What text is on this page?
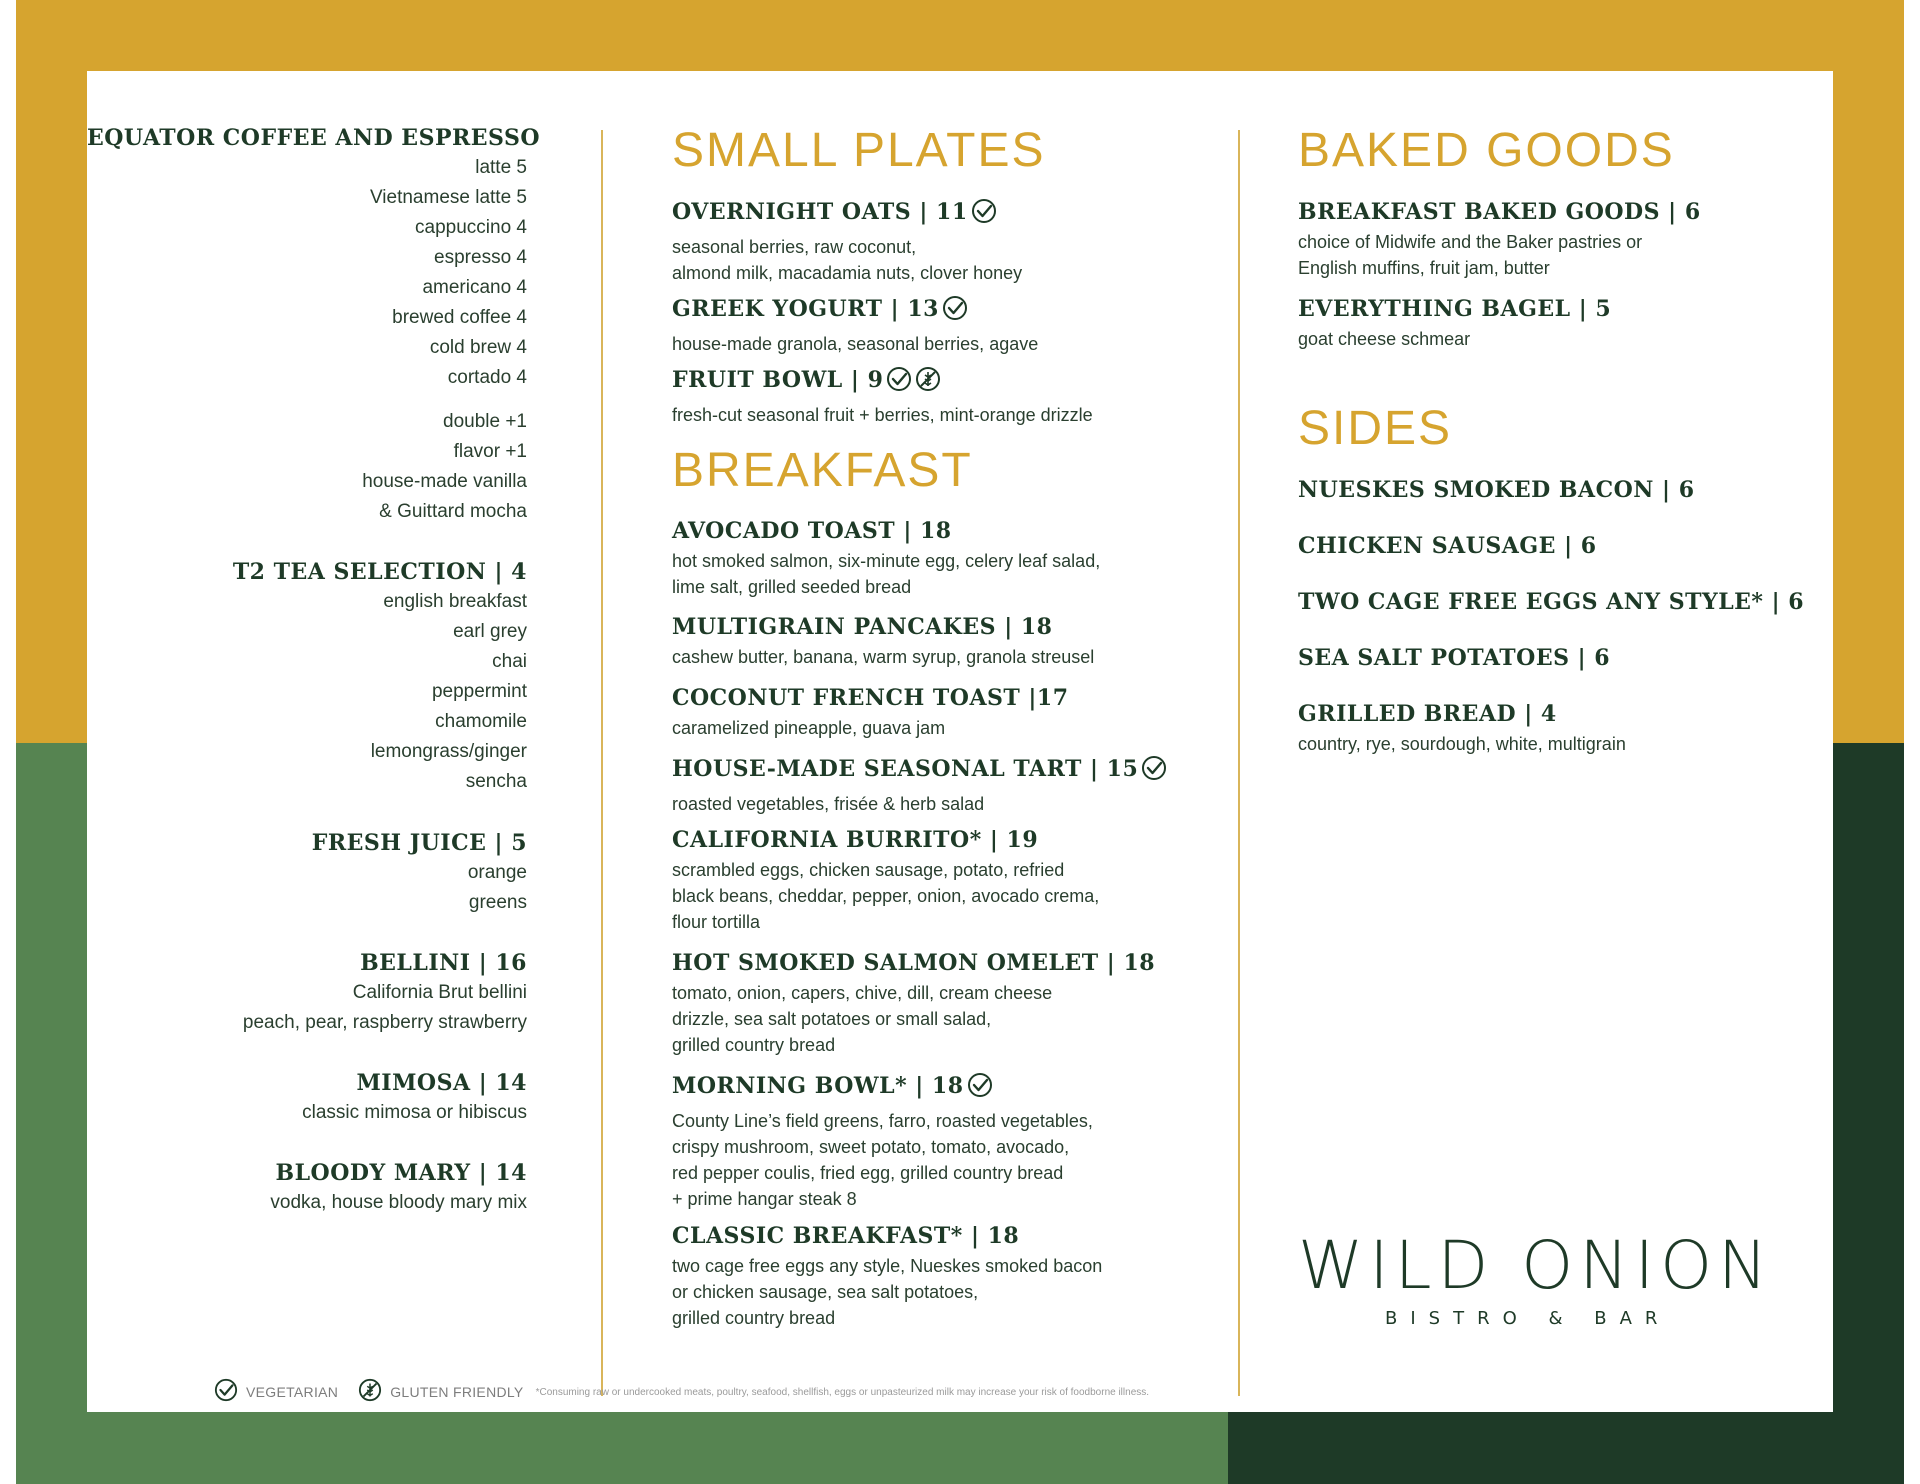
EQUATOR COFFEE AND ESPRESSO

latte 5

Vietnamese latte 5

cappuccino 4

espresso 4

americano 4

brewed coffee 4

cold brew 4

cortado 4

double +1

flavor +1

house-made vanilla

& Guittard mocha

T2 TEA SELECTION | 4

english breakfast

earl grey

chai

peppermint

chamomile

lemongrass/ginger

sencha

FRESH JUICE | 5

orange

greens

BELLINI | 16

California Brut bellini

peach, pear, raspberry strawberry

MIMOSA | 14

classic mimosa or hibiscus

BLOODY MARY | 14

vodka, house bloody mary mix

SMALL PLATES

OVERNIGHT OATS | 11

seasonal berries, raw coconut,
almond milk, macadamia nuts, clover honey

GREEK YOGURT | 13

house-made granola, seasonal berries, agave

FRUIT BOWL | 9

fresh-cut seasonal fruit + berries, mint-orange drizzle

BREAKFAST

AVOCADO TOAST | 18

hot smoked salmon, six-minute egg, celery leaf salad,
lime salt, grilled seeded bread

MULTIGRAIN PANCAKES | 18

cashew butter, banana, warm syrup, granola streusel

COCONUT FRENCH TOAST |17

caramelized pineapple, guava jam

HOUSE-MADE SEASONAL TART | 15

roasted vegetables, frisée & herb salad

CALIFORNIA BURRITO* | 19

scrambled eggs, chicken sausage, potato, refried
black beans, cheddar, pepper, onion, avocado crema,
flour tortilla

HOT SMOKED SALMON OMELET | 18

tomato, onion, capers, chive, dill, cream cheese
drizzle, sea salt potatoes or small salad,
grilled country bread

MORNING BOWL* | 18

County Line’s field greens, farro, roasted vegetables,
crispy mushroom, sweet potato, tomato, avocado,
red pepper coulis, fried egg, grilled country bread
+ prime hangar steak 8

CLASSIC BREAKFAST* | 18

two cage free eggs any style, Nueskes smoked bacon
or chicken sausage, sea salt potatoes,
grilled country bread

BAKED GOODS

BREAKFAST BAKED GOODS | 6

choice of Midwife and the Baker pastries or
English muffins, fruit jam, butter

EVERYTHING BAGEL | 5

goat cheese schmear

SIDES

NUESKES SMOKED BACON | 6

CHICKEN SAUSAGE | 6

TWO CAGE FREE EGGS ANY STYLE* | 6

SEA SALT POTATOES | 6

GRILLED BREAD | 4

country, rye, sourdough, white, multigrain

WILD ONION

BISTRO & BAR

VEGETARIAN	GLUTEN FRIENDLY *Consuming raw or undercooked meats, poultry, seafood, shellfish, eggs or unpasteurized milk may increase your risk of foodborne illness.
